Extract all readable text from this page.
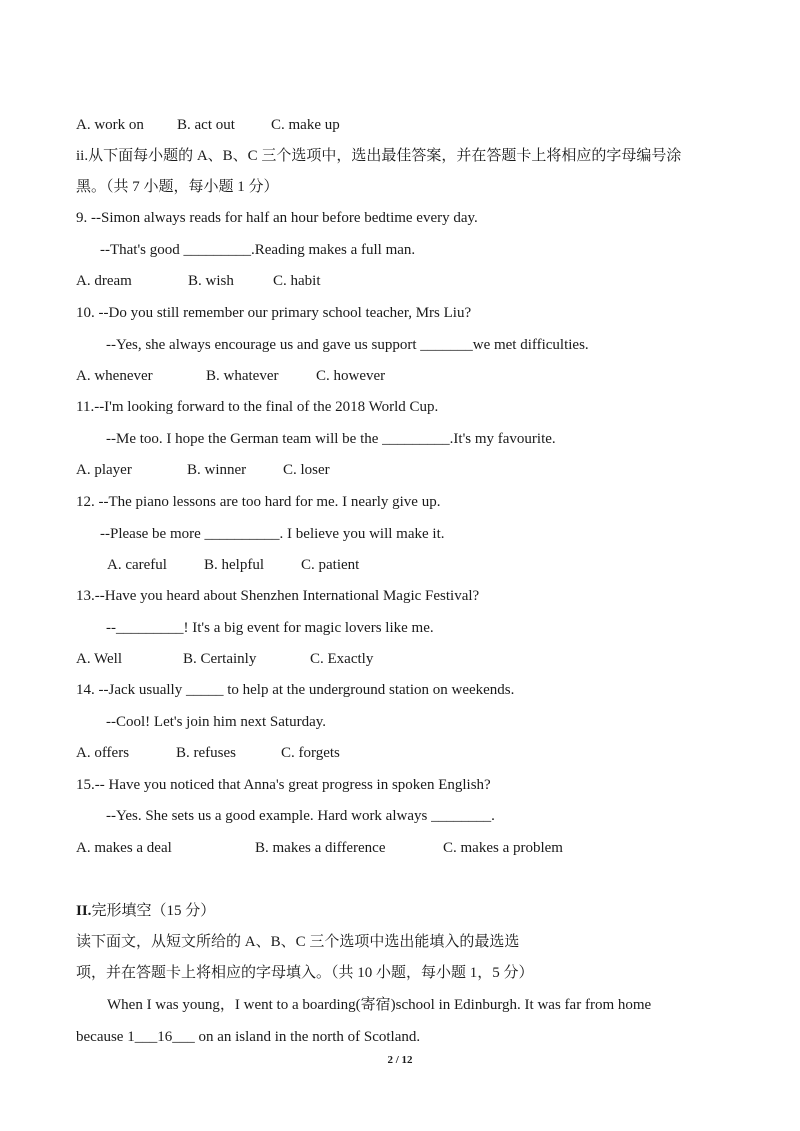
A. work on B. act out C. make up
ii.从下面每小题的 A、B、C 三个选项中，选出最佳答案，并在答题卡上将相应的字母编号涂
黑。（共 7 小题，每小题 1 分）
9. --Simon always reads for half an hour before bedtime every day.
--That's good _________.Reading makes a full man.
A. dream	B. wish	C. habit
10. --Do you still remember our primary school teacher, Mrs Liu?
--Yes, she always encourage us and gave us support _______we met difficulties.
A. whenever	B. whatever	C. however
11.--I'm looking forward to the final of the 2018 World Cup.
--Me too. I hope the German team will be the _________.It's my favourite.
A. player	B. winner C. loser
12. --The piano lessons are too hard for me. I nearly give up.
--Please be more __________. I believe you will make it.
A. careful B. helpful C. patient
13.--Have you heard about Shenzhen International Magic Festival?
--_________! It's a big event for magic lovers like me.
A. Well	B. Certainly	C. Exactly
14. --Jack usually _____ to help at the underground station on weekends.
--Cool! Let's join him next Saturday.
A. offers	B. refuses	C. forgets
15.-- Have you noticed that Anna's great progress in spoken English?
--Yes. She sets us a good example. Hard work always ________.
A. makes a deal	B. makes a difference	C. makes a problem
II.完形填空（15 分）
读下面文，从短文所给的 A、B、C 三个选项中选出能填入的最选选
项，并在答题卡上将相应的字母填入。（共 10 小题，每小题 1，5 分）
When I was young，I went to a boarding(寄宿)school in Edinburgh. It was far from home
because 1___16___ on an island in the north of Scotland.
2 / 12
